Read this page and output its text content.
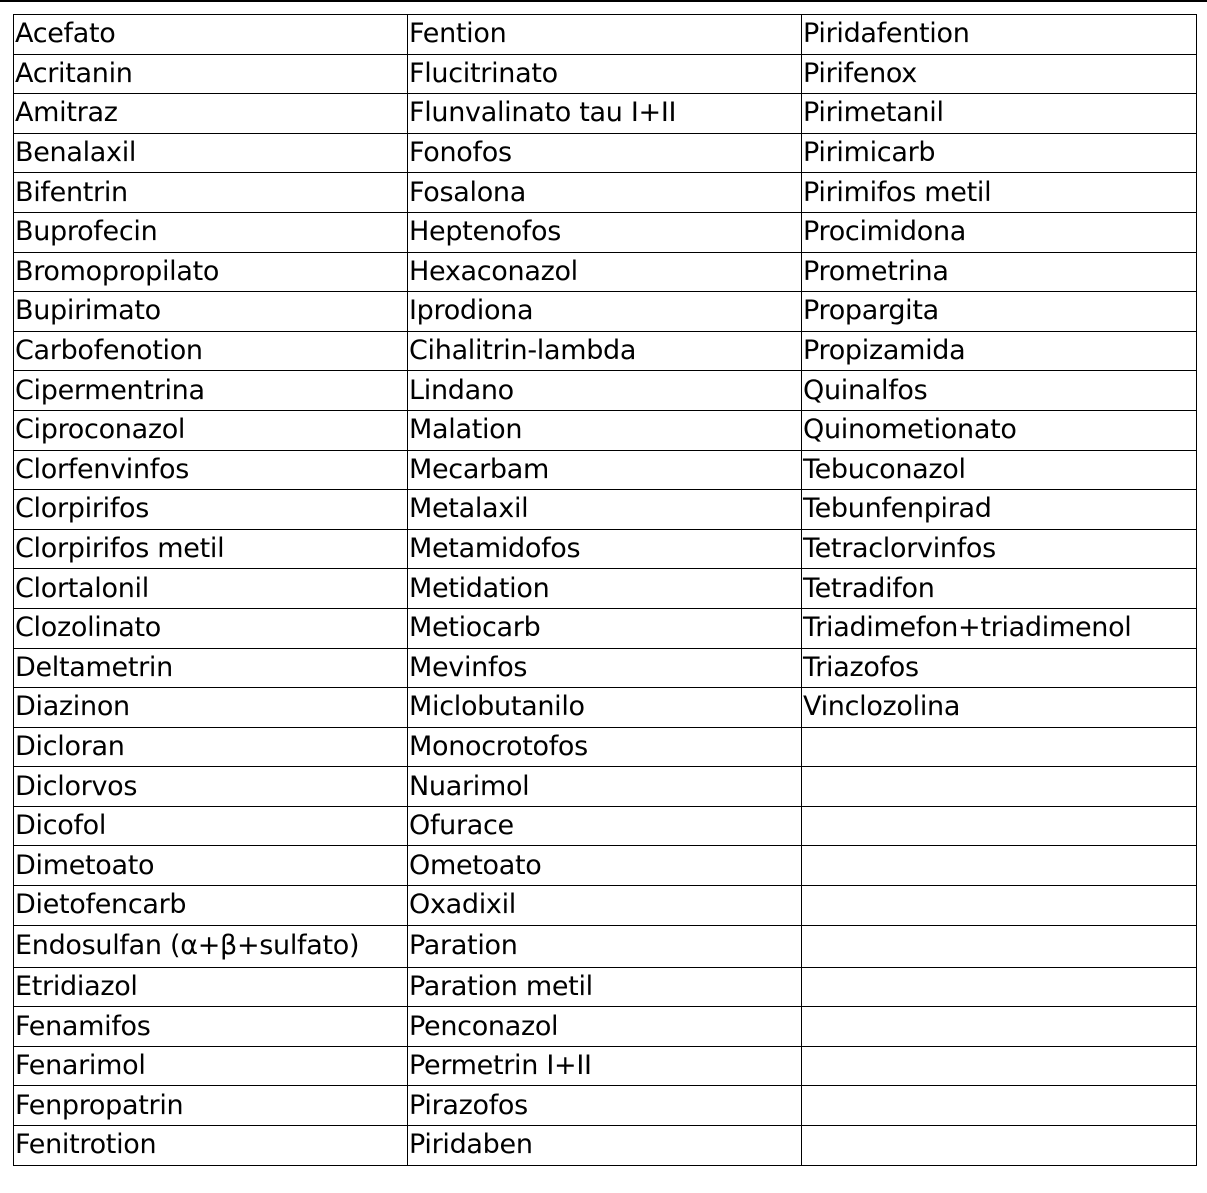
Acefato	Fention	Piridafention
Acritanin	Flucitrinato	Pirifenox
Amitraz	Flunvalinato tau I+II	Pirimetanil
Benalaxil	Fonofos	Pirimicarb
Bifentrin	Fosalona	Pirimifos metil
Buprofecin	Heptenofos	Procimidona
Bromopropilato	Hexaconazol	Prometrina
Bupirimato	Iprodiona	Propargita
Carbofenotion	Cihalitrin-lambda	Propizamida
Cipermentrina	Lindano	Quinalfos
Ciproconazol	Malation	Quinometionato
Clorfenvinfos	Mecarbam	Tebuconazol
Clorpirifos	Metalaxil	Tebunfenpirad
Clorpirifos metil	Metamidofos	Tetraclorvinfos
Clortalonil	Metidation	Tetradifon
Clozolinato	Metiocarb	Triadimefon+triadimenol
Deltametrin	Mevinfos	Triazofos
Diazinon	Miclobutanilo	Vinclozolina
Dicloran	Monocrotofos	
Diclorvos	Nuarimol	
Dicofol	Ofurace	
Dimetoato	Ometoato	
Dietofencarb	Oxadixil	
Endosulfan (α+β+sulfato)	Paration	
Etridiazol	Paration metil	
Fenamifos	Penconazol	
Fenarimol	Permetrin I+II	
Fenpropatrin	Pirazofos	
Fenitrotion	Piridaben	
